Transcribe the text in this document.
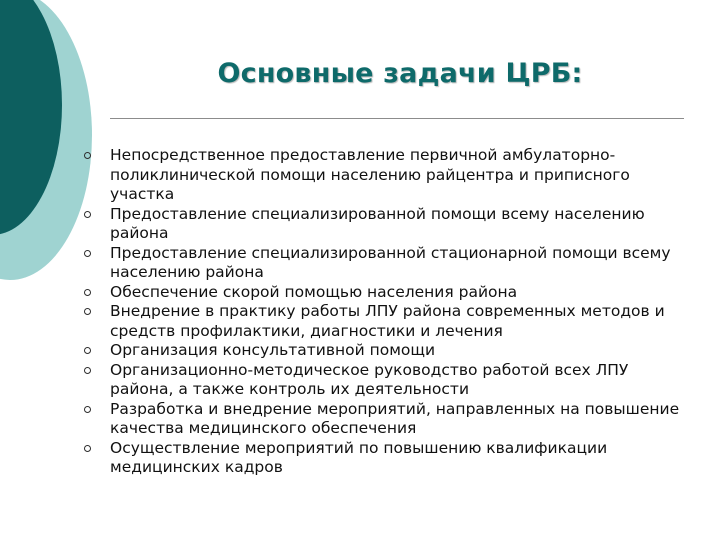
Основные задачи ЦРБ:
Непосредственное предоставление первичной амбулаторно-поликлинической помощи населению райцентра и приписного участка
Предоставление специализированной помощи всему населению района
Предоставление специализированной стационарной помощи всему населению района
Обеспечение скорой помощью населения района
Внедрение в практику работы ЛПУ района современных методов и средств профилактики, диагностики и лечения
Организация консультативной помощи
Организационно-методическое руководство работой всех ЛПУ района, а также контроль их деятельности
Разработка и внедрение мероприятий, направленных на повышение качества медицинского обеспечения
Осуществление мероприятий по повышению квалификации медицинских кадров
